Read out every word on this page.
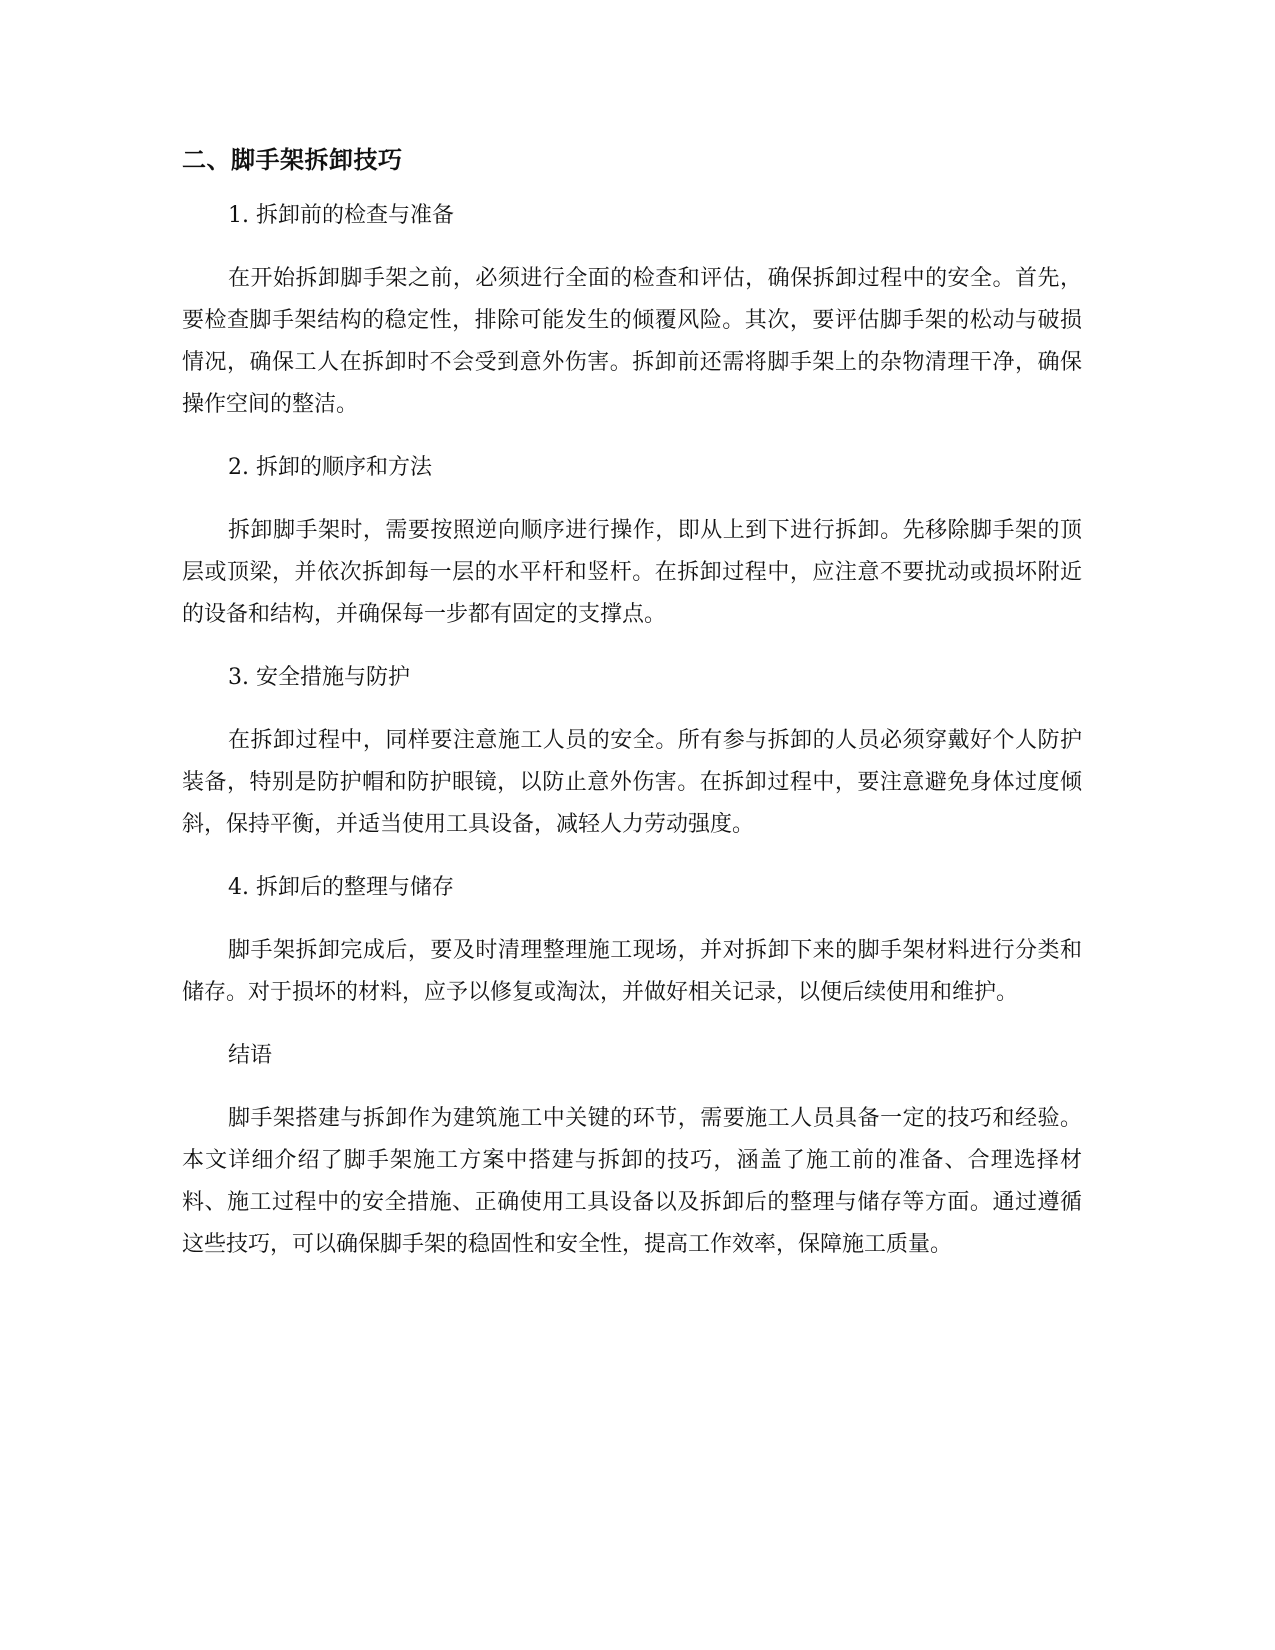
二、脚手架拆卸技巧

1. 拆卸前的检查与准备

在开始拆卸脚手架之前，必须进行全面的检查和评估，确保拆卸过程中的安全。首先，要检查脚手架结构的稳定性，排除可能发生的倾覆风险。其次，要评估脚手架的松动与破损情况，确保工人在拆卸时不会受到意外伤害。拆卸前还需将脚手架上的杂物清理干净，确保操作空间的整洁。

2. 拆卸的顺序和方法

拆卸脚手架时，需要按照逆向顺序进行操作，即从上到下进行拆卸。先移除脚手架的顶层或顶梁，并依次拆卸每一层的水平杆和竖杆。在拆卸过程中，应注意不要扰动或损坏附近的设备和结构，并确保每一步都有固定的支撑点。

3. 安全措施与防护

在拆卸过程中，同样要注意施工人员的安全。所有参与拆卸的人员必须穿戴好个人防护装备，特别是防护帽和防护眼镜，以防止意外伤害。在拆卸过程中，要注意避免身体过度倾斜，保持平衡，并适当使用工具设备，减轻人力劳动强度。

4. 拆卸后的整理与储存

脚手架拆卸完成后，要及时清理整理施工现场，并对拆卸下来的脚手架材料进行分类和储存。对于损坏的材料，应予以修复或淘汰，并做好相关记录，以便后续使用和维护。

结语

脚手架搭建与拆卸作为建筑施工中关键的环节，需要施工人员具备一定的技巧和经验。本文详细介绍了脚手架施工方案中搭建与拆卸的技巧，涵盖了施工前的准备、合理选择材料、施工过程中的安全措施、正确使用工具设备以及拆卸后的整理与储存等方面。通过遵循这些技巧，可以确保脚手架的稳固性和安全性，提高工作效率，保障施工质量。
